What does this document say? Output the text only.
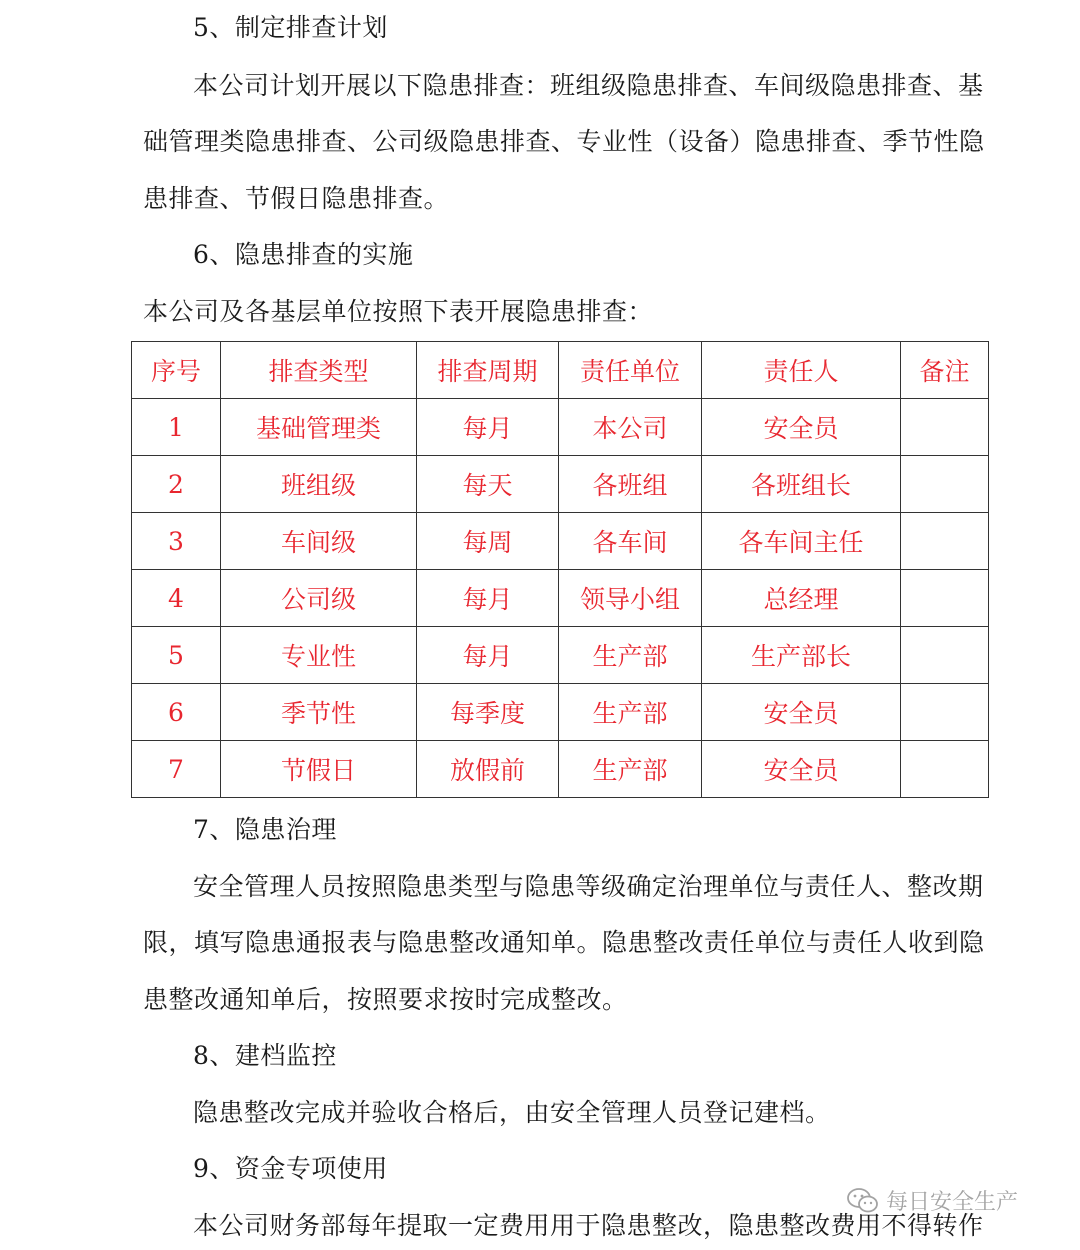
5、制定排查计划
本公司计划开展以下隐患排查：班组级隐患排查、车间级隐患排查、基
础管理类隐患排查、公司级隐患排查、专业性（设备）隐患排查、季节性隐
患排查、节假日隐患排查。
6、隐患排查的实施
本公司及各基层单位按照下表开展隐患排查：
序号	排查类型	排查周期	责任单位	责任人	备注
1	基础管理类	每月	本公司	安全员	
2	班组级	每天	各班组	各班组长	
3	车间级	每周	各车间	各车间主任	
4	公司级	每月	领导小组	总经理	
5	专业性	每月	生产部	生产部长	
6	季节性	每季度	生产部	安全员	
7	节假日	放假前	生产部	安全员	
7、隐患治理
安全管理人员按照隐患类型与隐患等级确定治理单位与责任人、整改期
限，填写隐患通报表与隐患整改通知单。隐患整改责任单位与责任人收到隐
患整改通知单后，按照要求按时完成整改。
8、建档监控
隐患整改完成并验收合格后，由安全管理人员登记建档。
9、资金专项使用
本公司财务部每年提取一定费用用于隐患整改，隐患整改费用不得转作
每日安全生产
